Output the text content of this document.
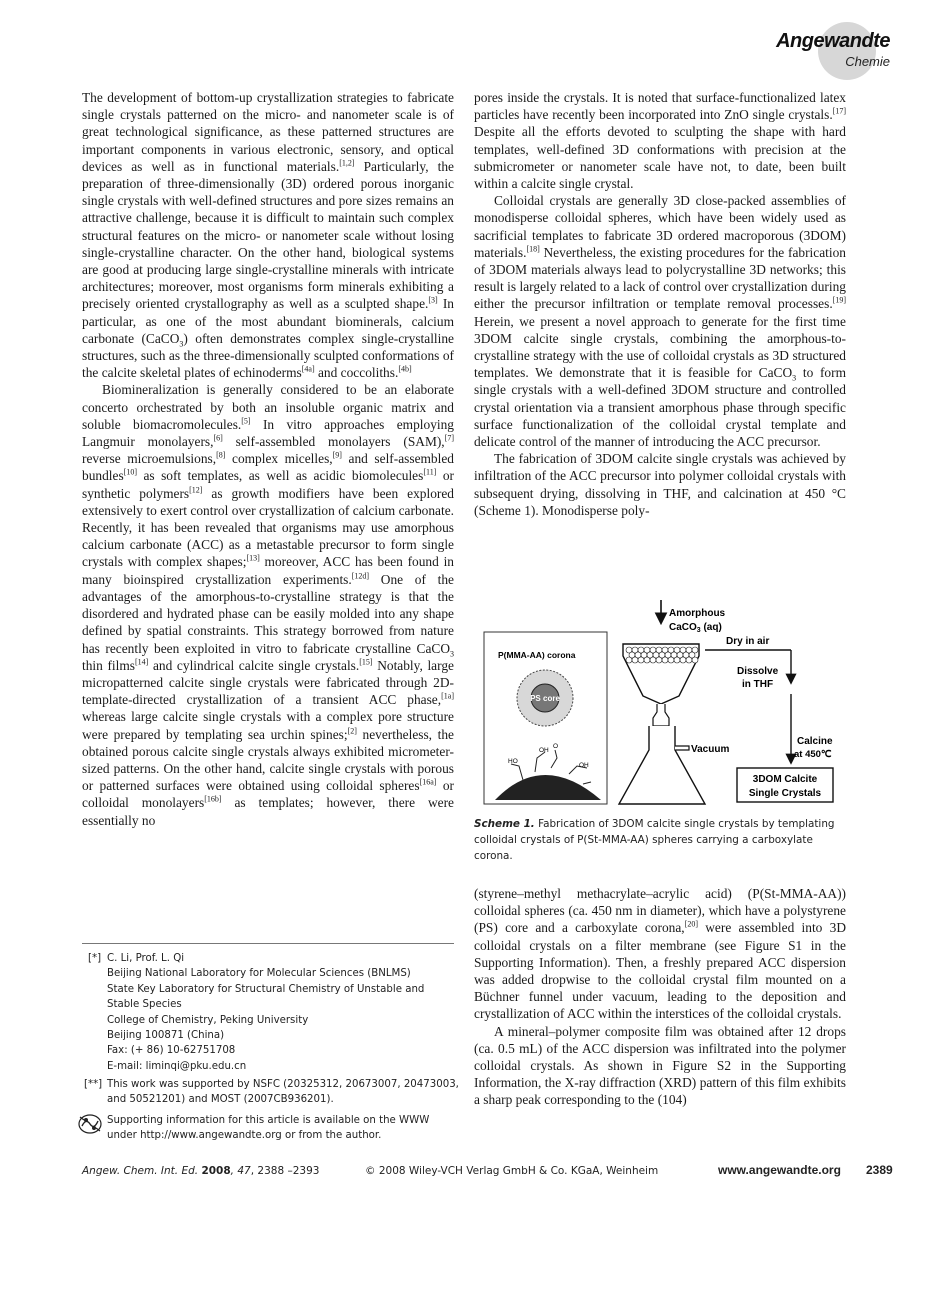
Angewandte
Chemie

The development of bottom-up crystallization strategies to fabricate single crystals patterned on the micro- and nanometer scale is of great technological significance, as these patterned structures are important components in various electronic, sensory, and optical devices as well as in functional materials.[1,2] Particularly, the preparation of three-dimensionally (3D) ordered porous inorganic single crystals with well-defined structures and pore sizes remains an attractive challenge, because it is difficult to maintain such complex structural features on the micro- or nanometer scale without losing single-crystalline character. On the other hand, biological systems are good at producing large single-crystalline minerals with intricate architectures; moreover, most organisms form minerals exhibiting a precisely oriented crystallography as well as a sculpted shape.[3] In particular, as one of the most abundant biominerals, calcium carbonate (CaCO$_3$) often demonstrates complex single-crystalline structures, such as the three-dimensionally sculpted conformations of the calcite skeletal plates of echinoderms[4a] and coccoliths.[4b]

Biomineralization is generally considered to be an elaborate concerto orchestrated by both an insoluble organic matrix and soluble biomacromolecules.[5] In vitro approaches employing Langmuir monolayers,[6] self-assembled monolayers (SAM),[7] reverse microemulsions,[8] complex micelles,[9] and self-assembled bundles[10] as soft templates, as well as acidic biomolecules[11] or synthetic polymers[12] as growth modifiers have been explored extensively to exert control over crystallization of calcium carbonate. Recently, it has been revealed that organisms may use amorphous calcium carbonate (ACC) as a metastable precursor to form single crystals with complex shapes;[13] moreover, ACC has been found in many bioinspired crystallization experiments.[12d] One of the advantages of the amorphous-to-crystalline strategy is that the disordered and hydrated phase can be easily molded into any shape defined by spatial constraints. This strategy borrowed from nature has recently been exploited in vitro to fabricate crystalline CaCO$_3$ thin films[14] and cylindrical calcite single crystals.[15] Notably, large micropatterned calcite single crystals were fabricated through 2D-template-directed crystallization of a transient ACC phase,[1a] whereas large calcite single crystals with a complex pore structure were prepared by templating sea urchin spines;[2] nevertheless, the obtained porous calcite single crystals always exhibited micrometer-sized patterns. On the other hand, calcite single crystals with porous or patterned surfaces were obtained using colloidal spheres[16a] or colloidal monolayers[16b] as templates; however, there were essentially no

[*] C. Li, Prof. L. Qi
Beijing National Laboratory for Molecular Sciences (BNLMS)
State Key Laboratory for Structural Chemistry of Unstable and
Stable Species
College of Chemistry, Peking University
Beijing 100871 (China)
Fax: (+ 86) 10-62751708
E-mail: liminqi@pku.edu.cn
[**] This work was supported by NSFC (20325312, 20673007, 20473003,
and 50521201) and MOST (2007CB936201).
Supporting information for this article is available on the WWW
under http://www.angewandte.org or from the author.

pores inside the crystals. It is noted that surface-functionalized latex particles have recently been incorporated into ZnO single crystals.[17] Despite all the efforts devoted to sculpting the shape with hard templates, well-defined 3D conformations with precision at the submicrometer or nanometer scale have not, to date, been built within a calcite single crystal.

Colloidal crystals are generally 3D close-packed assemblies of monodisperse colloidal spheres, which have been widely used as sacrificial templates to fabricate 3D ordered macroporous (3DOM) materials.[18] Nevertheless, the existing procedures for the fabrication of 3DOM materials always lead to polycrystalline 3D networks; this result is largely related to a lack of control over crystallization during either the precursor infiltration or template removal processes.[19] Herein, we present a novel approach to generate for the first time 3DOM calcite single crystals, combining the amorphous-to-crystalline strategy with the use of colloidal crystals as 3D structured templates. We demonstrate that it is feasible for CaCO$_3$ to form single crystals with a well-defined 3DOM structure and controlled crystal orientation via a transient amorphous phase through specific surface functionalization of the colloidal crystal template and delicate control of the manner of introducing the ACC precursor.

The fabrication of 3DOM calcite single crystals was achieved by infiltration of the ACC precursor into polymer colloidal crystals with subsequent drying, dissolving in THF, and calcination at 450 °C (Scheme 1). Monodisperse poly-

P(MMA-AA) corona
PS core
HO
OH
O
OH
Amorphous
CaCO$_3$ (aq)
Vacuum
Dry in air
Dissolve
in THF
Calcine
at 450℃
3DOM Calcite
Single Crystals
Scheme 1. Fabrication of 3DOM calcite single crystals by templating colloidal crystals of P(St-MMA-AA) spheres carrying a carboxylate corona.

(styrene–methyl methacrylate–acrylic acid) (P(St-MMA-AA)) colloidal spheres (ca. 450 nm in diameter), which have a polystyrene (PS) core and a carboxylate corona,[20] were assembled into 3D colloidal crystals on a filter membrane (see Figure S1 in the Supporting Information). Then, a freshly prepared ACC dispersion was added dropwise to the colloidal crystal film mounted on a Büchner funnel under vacuum, leading to the deposition and crystallization of ACC within the interstices of the colloidal crystals.

A mineral–polymer composite film was obtained after 12 drops (ca. 0.5 mL) of the ACC dispersion was infiltrated into the polymer colloidal crystals. As shown in Figure S2 in the Supporting Information, the X-ray diffraction (XRD) pattern of this film exhibits a sharp peak corresponding to the (104)

Angew. Chem. Int. Ed. 2008, 47, 2388 –2393	© 2008 Wiley-VCH Verlag GmbH & Co. KGaA, Weinheim	www.angewandte.org 2389
